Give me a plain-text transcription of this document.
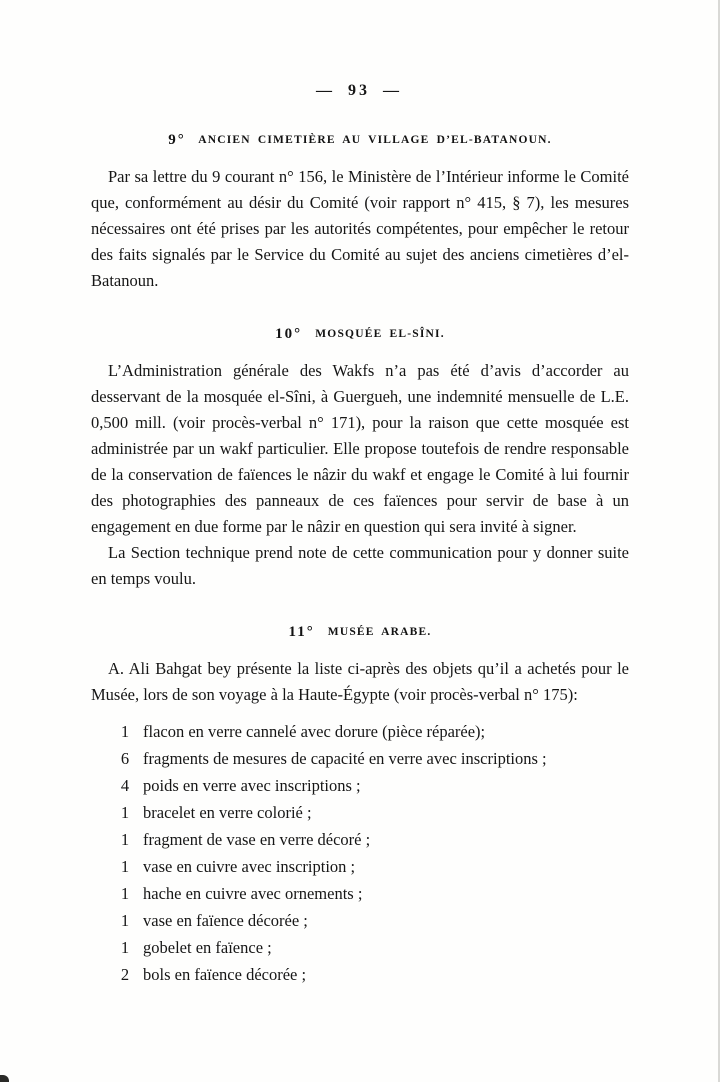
— 93 —
9° ANCIEN CIMETIÈRE AU VILLAGE D’EL-BATANOUN.

Par sa lettre du 9 courant n° 156, le Ministère de l’Intérieur informe le Comité que, conformément au désir du Comité (voir rapport n° 415, § 7), les mesures nécessaires ont été prises par les autorités compétentes, pour empêcher le retour des faits signalés par le Service du Comité au sujet des anciens cimetières d’el-Batanoun.

10° MOSQUÉE EL-SÎNI.

L’Administration générale des Wakfs n’a pas été d’avis d’accorder au desservant de la mosquée el-Sîni, à Guergueh, une indemnité mensuelle de L.E. 0,500 mill. (voir procès-verbal n° 171), pour la raison que cette mosquée est administrée par un wakf particulier. Elle propose toutefois de rendre responsable de la conservation de faïences le nâzir du wakf et engage le Comité à lui fournir des photographies des panneaux de ces faïences pour servir de base à un engagement en due forme par le nâzir en question qui sera invité à signer.

La Section technique prend note de cette communication pour y donner suite en temps voulu.

11° MUSÉE ARABE.

A. Ali Bahgat bey présente la liste ci-après des objets qu’il a achetés pour le Musée, lors de son voyage à la Haute-Égypte (voir procès-verbal n° 175):

1 flacon en verre cannelé avec dorure (pièce réparée);
6 fragments de mesures de capacité en verre avec inscriptions ;
4 poids en verre avec inscriptions ;
1 bracelet en verre colorié ;
1 fragment de vase en verre décoré ;
1 vase en cuivre avec inscription ;
1 hache en cuivre avec ornements ;
1 vase en faïence décorée ;
1 gobelet en faïence ;
2 bols en faïence décorée ;
